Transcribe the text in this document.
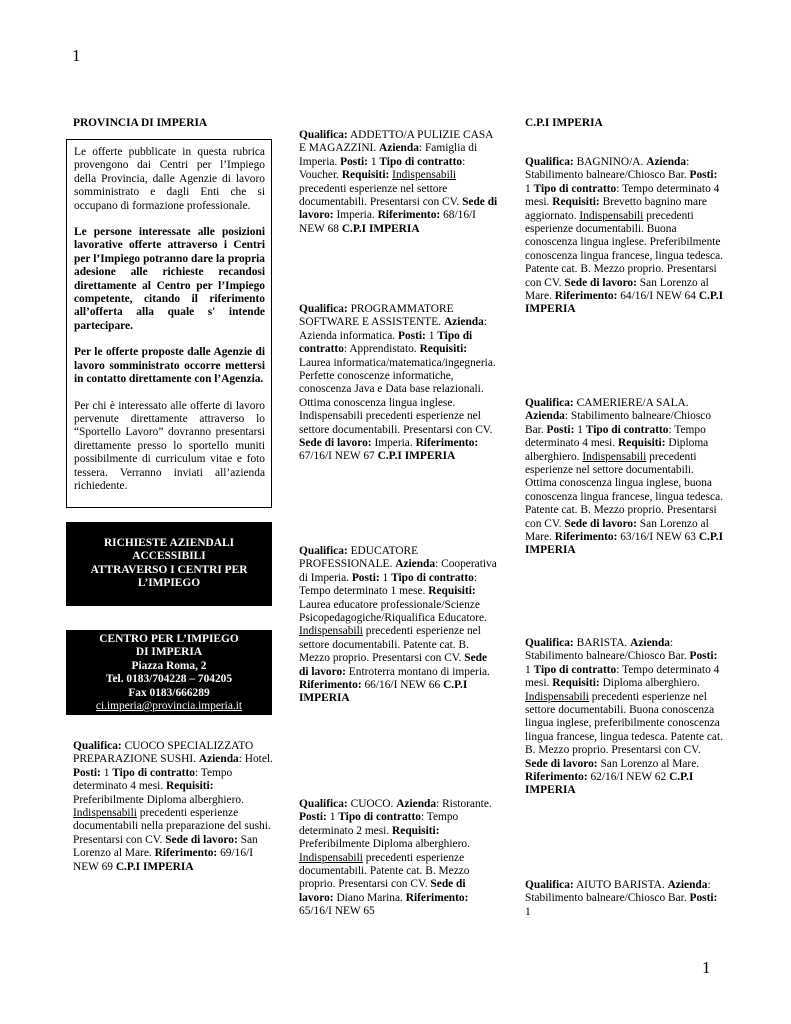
1
PROVINCIA DI IMPERIA

Le offerte pubblicate in questa rubrica provengono dai Centri per l’Impiego della Provincia, dalle Agenzie di lavoro somministrato e dagli Enti che si occupano di formazione professionale.

Le persone interessate alle posizioni lavorative offerte attraverso i Centri per l’Impiego potranno dare la propria adesione alle richieste recandosi direttamente al Centro per l’Impiego competente, citando il riferimento all’offerta alla quale s' intende partecipare.

Per le offerte proposte dalle Agenzie di lavoro somministrato occorre mettersi in contatto direttamente con l’Agenzia.

Per chi è interessato alle offerte di lavoro pervenute direttamente attraverso lo “Sportello Lavoro” dovranno presentarsi direttamente presso lo sportello muniti possibilmente di curriculum vitae e foto tessera. Verranno inviati all’azienda richiedente.

RICHIESTE AZIENDALI
ACCESSIBILI
ATTRAVERSO I CENTRI PER
L’IMPIEGO
CENTRO PER L’IMPIEGO
DI IMPERIA
Piazza Roma, 2
Tel. 0183/704228 – 704205
Fax 0183/666289
ci.imperia@provincia.imperia.it
Qualifica: CUOCO SPECIALIZZATO PREPARAZIONE SUSHI. Azienda: Hotel. Posti: 1 Tipo di contratto: Tempo determinato 4 mesi. Requisiti: Preferibilmente Diploma alberghiero. Indispensabili precedenti esperienze documentabili nella preparazione del sushi. Presentarsi con CV. Sede di lavoro: San Lorenzo al Mare. Riferimento: 69/16/I NEW 69 C.P.I IMPERIA
Qualifica: ADDETTO/A PULIZIE CASA E MAGAZZINI. Azienda: Famiglia di Imperia. Posti: 1 Tipo di contratto: Voucher. Requisiti: Indispensabili precedenti esperienze nel settore documentabili. Presentarsi con CV. Sede di lavoro: Imperia. Riferimento: 68/16/I NEW 68 C.P.I IMPERIA
Qualifica: PROGRAMMATORE SOFTWARE E ASSISTENTE. Azienda: Azienda informatica. Posti: 1 Tipo di contratto: Apprendistato. Requisiti: Laurea informatica/matematica/ingegneria. Perfette conoscenze informatiche, conoscenza Java e Data base relazionali. Ottima conoscenza lingua inglese. Indispensabili precedenti esperienze nel settore documentabili. Presentarsi con CV. Sede di lavoro: Imperia. Riferimento: 67/16/I NEW 67 C.P.I IMPERIA
Qualifica: EDUCATORE PROFESSIONALE. Azienda: Cooperativa di Imperia. Posti: 1 Tipo di contratto: Tempo determinato 1 mese. Requisiti: Laurea educatore professionale/Scienze Psicopedagogiche/Riqualifica Educatore. Indispensabili precedenti esperienze nel settore documentabili. Patente cat. B. Mezzo proprio. Presentarsi con CV. Sede di lavoro: Entroterra montano di imperia. Riferimento: 66/16/I NEW 66 C.P.I IMPERIA
Qualifica: CUOCO. Azienda: Ristorante. Posti: 1 Tipo di contratto: Tempo determinato 2 mesi. Requisiti: Preferibilmente Diploma alberghiero. Indispensabili precedenti esperienze documentabili. Patente cat. B. Mezzo proprio. Presentarsi con CV. Sede di lavoro: Diano Marina. Riferimento: 65/16/I NEW 65
C.P.I IMPERIA
Qualifica: BAGNINO/A. Azienda: Stabilimento balneare/Chiosco Bar. Posti: 1 Tipo di contratto: Tempo determinato 4 mesi. Requisiti: Brevetto bagnino mare aggiornato. Indispensabili precedenti esperienze documentabili. Buona conoscenza lingua inglese. Preferibilmente conoscenza lingua francese, lingua tedesca. Patente cat. B. Mezzo proprio. Presentarsi con CV. Sede di lavoro: San Lorenzo al Mare. Riferimento: 64/16/I NEW 64 C.P.I IMPERIA
Qualifica: CAMERIERE/A SALA. Azienda: Stabilimento balneare/Chiosco Bar. Posti: 1 Tipo di contratto: Tempo determinato 4 mesi. Requisiti: Diploma alberghiero. Indispensabili precedenti esperienze nel settore documentabili. Ottima conoscenza lingua inglese, buona conoscenza lingua francese, lingua tedesca. Patente cat. B. Mezzo proprio. Presentarsi con CV. Sede di lavoro: San Lorenzo al Mare. Riferimento: 63/16/I NEW 63 C.P.I IMPERIA
Qualifica: BARISTA. Azienda: Stabilimento balneare/Chiosco Bar. Posti: 1 Tipo di contratto: Tempo determinato 4 mesi. Requisiti: Diploma alberghiero. Indispensabili precedenti esperienze nel settore documentabili. Buona conoscenza lingua inglese, preferibilmente conoscenza lingua francese, lingua tedesca. Patente cat. B. Mezzo proprio. Presentarsi con CV. Sede di lavoro: San Lorenzo al Mare. Riferimento: 62/16/I NEW 62 C.P.I IMPERIA
Qualifica: AIUTO BARISTA. Azienda: Stabilimento balneare/Chiosco Bar. Posti: 1
1
